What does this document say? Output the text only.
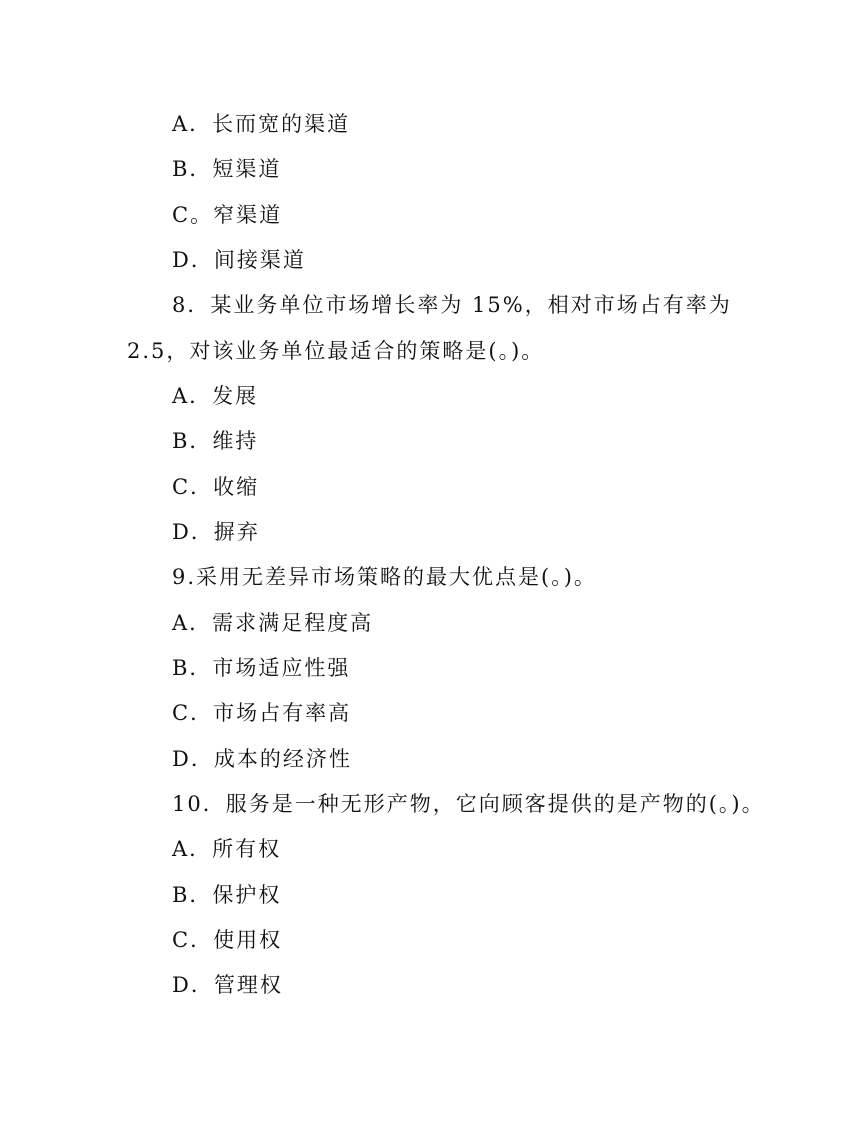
A．长而宽的渠道
B．短渠道
C。窄渠道
D．间接渠道
8．某业务单位市场增长率为 15%，相对市场占有率为
2.5，对该业务单位最适合的策略是(。)。
A．发展
B．维持
C．收缩
D．摒弃
9.采用无差异市场策略的最大优点是(。)。
A．需求满足程度高
B．市场适应性强
C．市场占有率高
D．成本的经济性
10．服务是一种无形产物，它向顾客提供的是产物的(。)。
A．所有权
B．保护权
C．使用权
D．管理权
